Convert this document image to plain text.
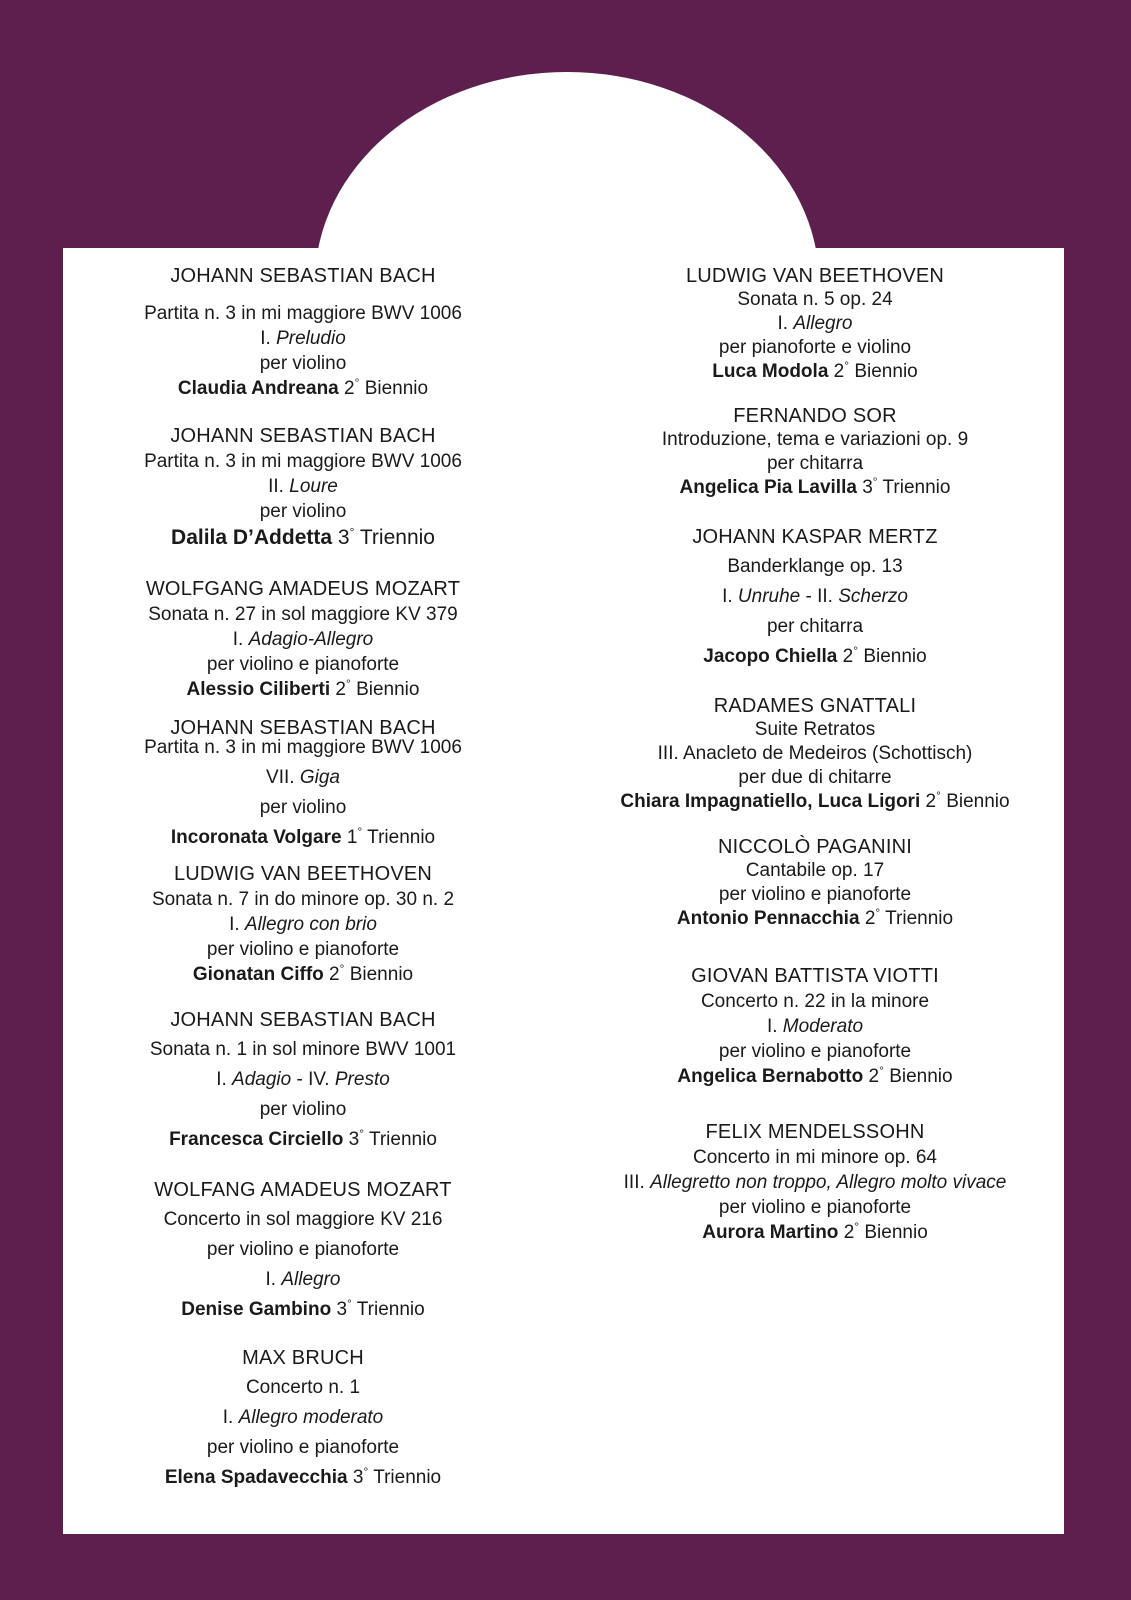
JOHANN SEBASTIAN BACH
Partita n. 3 in mi maggiore BWV 1006
I. Preludio
per violino
Claudia Andreana 2° Biennio
JOHANN SEBASTIAN BACH
Partita n. 3 in mi maggiore BWV 1006
II. Loure
per violino
Dalila D’Addetta 3° Triennio
WOLFGANG AMADEUS MOZART
Sonata n. 27 in sol maggiore KV 379
I. Adagio-Allegro
per violino e pianoforte
Alessio Ciliberti 2° Biennio
JOHANN SEBASTIAN BACH
Partita n. 3 in mi maggiore BWV 1006
VII. Giga
per violino
Incoronata Volgare 1° Triennio
LUDWIG VAN BEETHOVEN
Sonata n. 7 in do minore op. 30 n. 2
I. Allegro con brio
per violino e pianoforte
Gionatan Ciffo 2° Biennio
JOHANN SEBASTIAN BACH
Sonata n. 1 in sol minore BWV 1001
I. Adagio - IV. Presto
per violino
Francesca Circiello 3° Triennio
WOLFANG AMADEUS MOZART
Concerto in sol maggiore KV 216
per violino e pianoforte
I. Allegro
Denise Gambino 3° Triennio
MAX BRUCH
Concerto n. 1
I. Allegro moderato
per violino e pianoforte
Elena Spadavecchia 3° Triennio
LUDWIG VAN BEETHOVEN
Sonata n. 5 op. 24
I. Allegro
per pianoforte e violino
Luca Modola 2° Biennio
FERNANDO SOR
Introduzione, tema e variazioni op. 9
per chitarra
Angelica Pia Lavilla 3° Triennio
JOHANN KASPAR MERTZ
Banderklange op. 13
I. Unruhe - II. Scherzo
per chitarra
Jacopo Chiella 2° Biennio
RADAMES GNATTALI
Suite Retratos
III. Anacleto de Medeiros (Schottisch)
per due di chitarre
Chiara Impagnatiello, Luca Ligori 2° Biennio
NICCOLÒ PAGANINI
Cantabile op. 17
per violino e pianoforte
Antonio Pennacchia 2° Triennio
GIOVAN BATTISTA VIOTTI
Concerto n. 22 in la minore
I. Moderato
per violino e pianoforte
Angelica Bernabotto 2° Biennio
FELIX MENDELSSOHN
Concerto in mi minore op. 64
III. Allegretto non troppo, Allegro molto vivace
per violino e pianoforte
Aurora Martino 2° Biennio
